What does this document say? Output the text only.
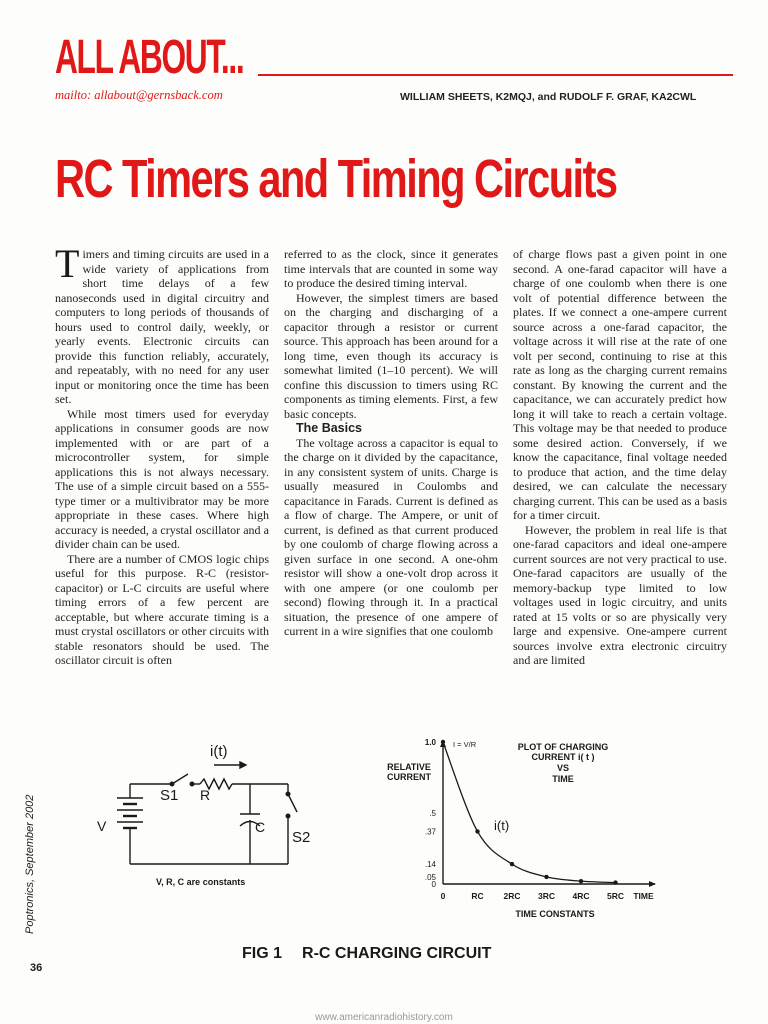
ALL ABOUT...
mailto: allabout@gernsback.com	WILLIAM SHEETS, K2MQJ, and RUDOLF F. GRAF, KA2CWL
RC Timers and Timing Circuits

Timers and timing circuits are used in a wide variety of applications from short time delays of a few nanoseconds used in digital circuitry and computers to long periods of thousands of hours used to control daily, weekly, or yearly events. Electronic circuits can provide this function reliably, accurately, and repeatably, with no need for any user input or monitoring once the time has been set.

While most timers used for everyday applications in consumer goods are now implemented with or are part of a microcontroller system, for simple applications this is not always necessary. The use of a simple circuit based on a 555-type timer or a multivibrator may be more appropriate in these cases. Where high accuracy is needed, a crystal oscillator and a divider chain can be used.

There are a number of CMOS logic chips useful for this purpose. R-C (resistor-capacitor) or L-C circuits are useful where timing errors of a few percent are acceptable, but where accurate timing is a must crystal oscillators or other circuits with stable resonators should be used. The oscillator circuit is often

referred to as the clock, since it generates time intervals that are counted in some way to produce the desired timing interval.

However, the simplest timers are based on the charging and discharging of a capacitor through a resistor or current source. This approach has been around for a long time, even though its accuracy is somewhat limited (1–10 percent). We will confine this discussion to timers using RC components as timing elements. First, a few basic concepts.

The Basics

The voltage across a capacitor is equal to the charge on it divided by the capacitance, in any consistent system of units. Charge is usually measured in Coulombs and capacitance in Farads. Current is defined as a flow of charge. The Ampere, or unit of current, is defined as that current produced by one coulomb of charge flowing across a given surface in one second. A one-ohm resistor will show a one-volt drop across it with one ampere (or one coulomb per second) flowing through it. In a practical situation, the presence of one ampere of current in a wire signifies that one coulomb

of charge flows past a given point in one second. A one-farad capacitor will have a charge of one coulomb when there is one volt of potential difference between the plates. If we connect a one-ampere current source across a one-farad capacitor, the voltage across it will rise at the rate of one volt per second, continuing to rise at this rate as long as the charging current remains constant. By knowing the current and the capacitance, we can accurately predict how long it will take to reach a certain voltage. This voltage may be that needed to produce some desired action. Conversely, if we know the capacitance, final voltage needed to produce that action, and the time delay desired, we can calculate the necessary charging current. This can be used as a basis for a timer circuit.

However, the problem in real life is that one-farad capacitors and ideal one-ampere current sources are not very practical to use. One-farad capacitors are usually of the memory-backup type limited to low voltages used in logic circuitry, and units rated at 15 volts or so are physically very large and expensive. One-ampere current sources involve extra electronic circuitry and are limited

i(t)
S1 R
C
S2
V
V, R, C are constants
1.0
.5
.37
.14
.05
0
0	RC 2RC 3RC 4RC 5RC TIME
I = V/R
i(t)
RELATIVE
CURRENT
PLOT OF CHARGING
CURRENT i( t )
VS
TIME
TIME CONSTANTS
FIG 1 R-C CHARGING CIRCUIT
Poptronics, September 2002
36
www.americanradiohistory.com
